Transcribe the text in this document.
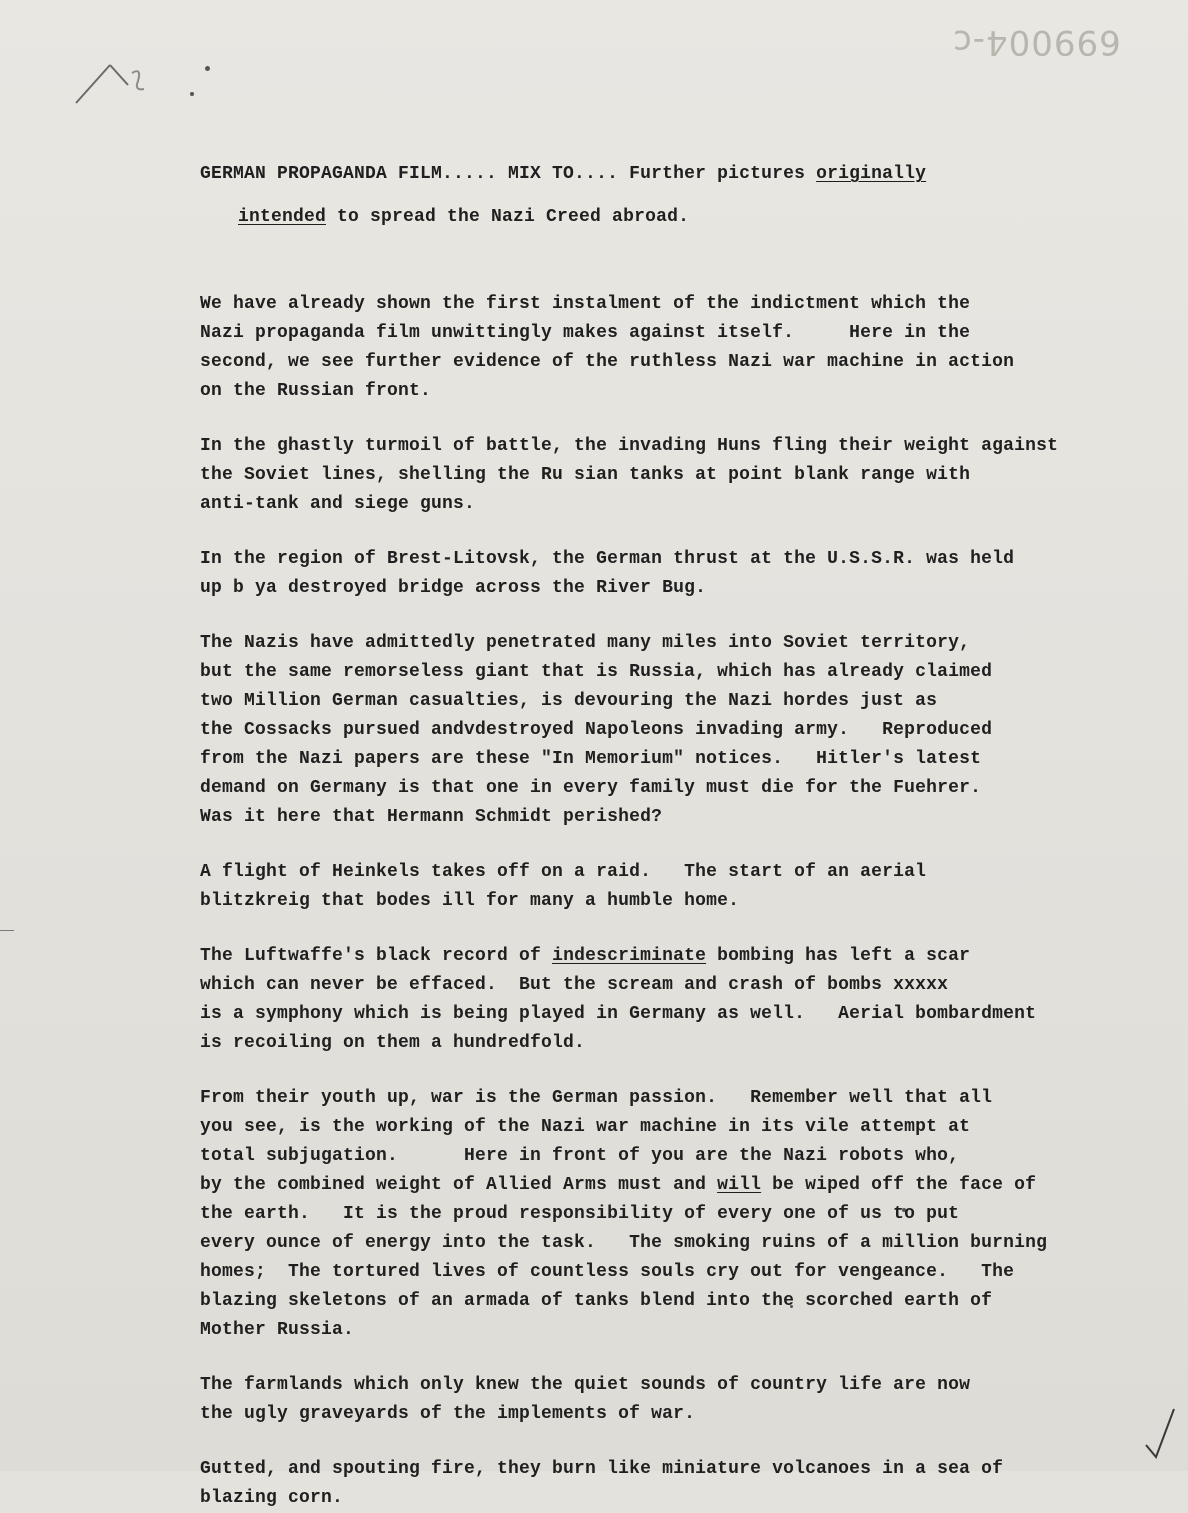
699004-c
GERMAN PROPAGANDA FILM..... MIX TO.... Further pictures originally
intended to spread the Nazi Creed abroad.
We have already shown the first instalment of the indictment which the
Nazi propaganda film unwittingly makes against itself.     Here in the
second, we see further evidence of the ruthless Nazi war machine in action
on the Russian front.
In the ghastly turmoil of battle, the invading Huns fling their weight against
the Soviet lines, shelling the Ru sian tanks at point blank range with
anti-tank and siege guns.
In the region of Brest-Litovsk, the German thrust at the U.S.S.R. was held
up b ya destroyed bridge across the River Bug.
The Nazis have admittedly penetrated many miles into Soviet territory,
but the same remorseless giant that is Russia, which has already claimed
two Million German casualties, is devouring the Nazi hordes just as
the Cossacks pursued andvdestroyed Napoleons invading army.   Reproduced
from the Nazi papers are these "In Memorium" notices.   Hitler's latest
demand on Germany is that one in every family must die for the Fuehrer.
Was it here that Hermann Schmidt perished?
A flight of Heinkels takes off on a raid.   The start of an aerial
blitzkreig that bodes ill for many a humble home.
The Luftwaffe's black record of indescriminate bombing has left a scar
which can never be effaced.  But the scream and crash of bombs xxxxx
is a symphony which is being played in Germany as well.   Aerial bombardment
is recoiling on them a hundredfold.
From their youth up, war is the German passion.   Remember well that all
you see, is the working of the Nazi war machine in its vile attempt at
total subjugation.      Here in front of you are the Nazi robots who,
by the combined weight of Allied Arms must and will be wiped off the face of
the earth.   It is the proud responsibility of every one of us to put
every ounce of energy into the task.   The smoking ruins of a million burning
homes;  The tortured lives of countless souls cry out for vengeance.   The
blazing skeletons of an armada of tanks blend into the scorched earth of
Mother Russia.
The farmlands which only knew the quiet sounds of country life are now
the ugly graveyards of the implements of war.
Gutted, and spouting fire, they burn like miniature volcanoes in a sea of
blazing corn.
